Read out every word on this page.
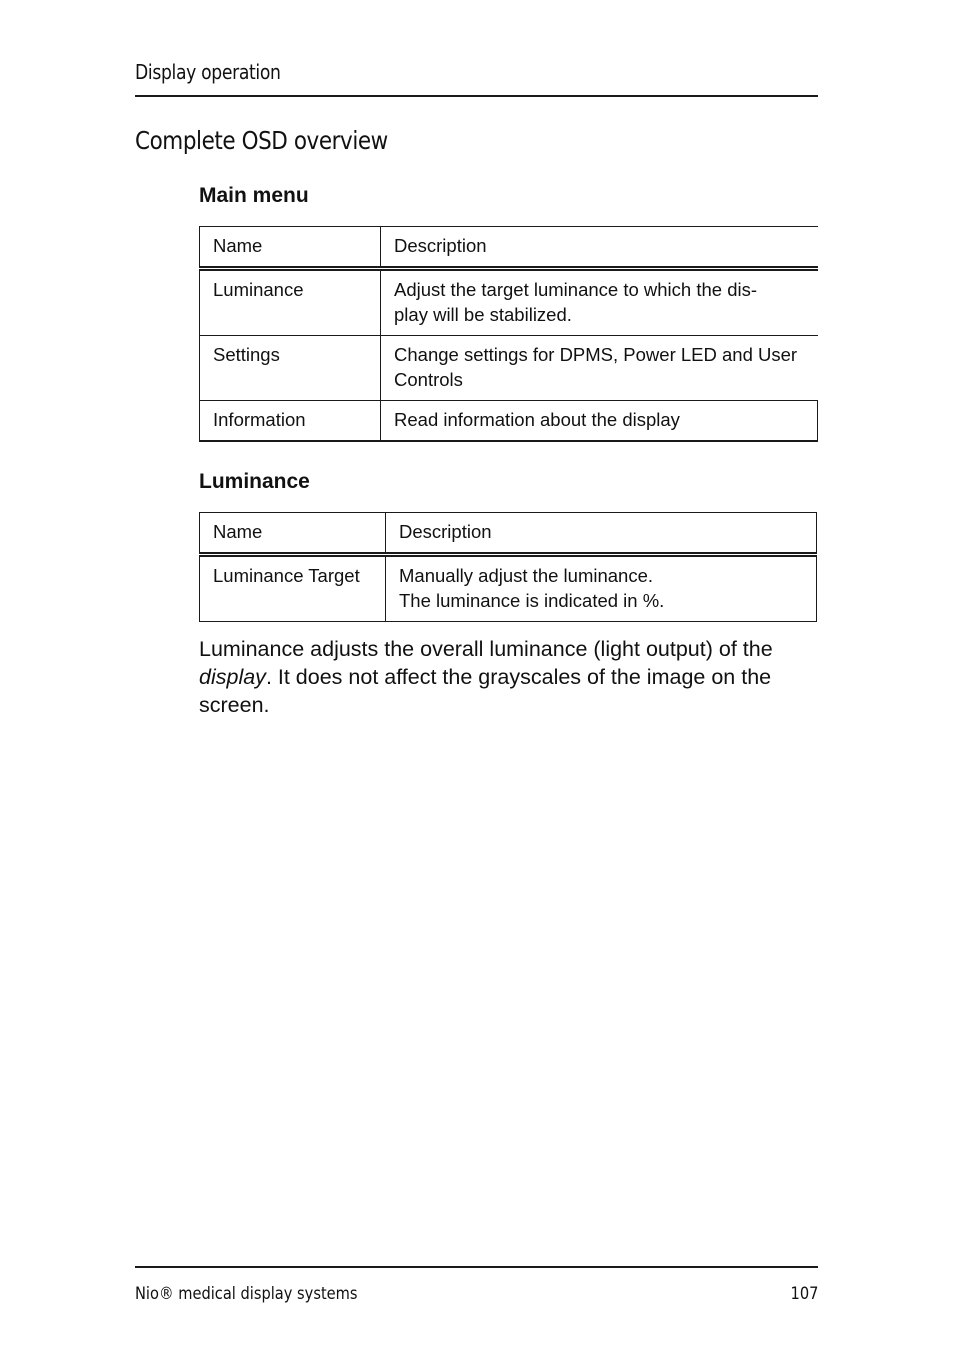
Display operation
Complete OSD overview
Main menu
Name	Description
Luminance	Adjust the target luminance to which the dis-
play will be stabilized.
Settings	Change settings for DPMS, Power LED and User
Controls
Information	Read information about the display
Luminance
Name	Description
Luminance Target	Manually adjust the luminance.
The luminance is indicated in %.
Luminance adjusts the overall luminance (light output) of the display. It does not affect the grayscales of the image on the screen.
Nio® medical display systems	107
